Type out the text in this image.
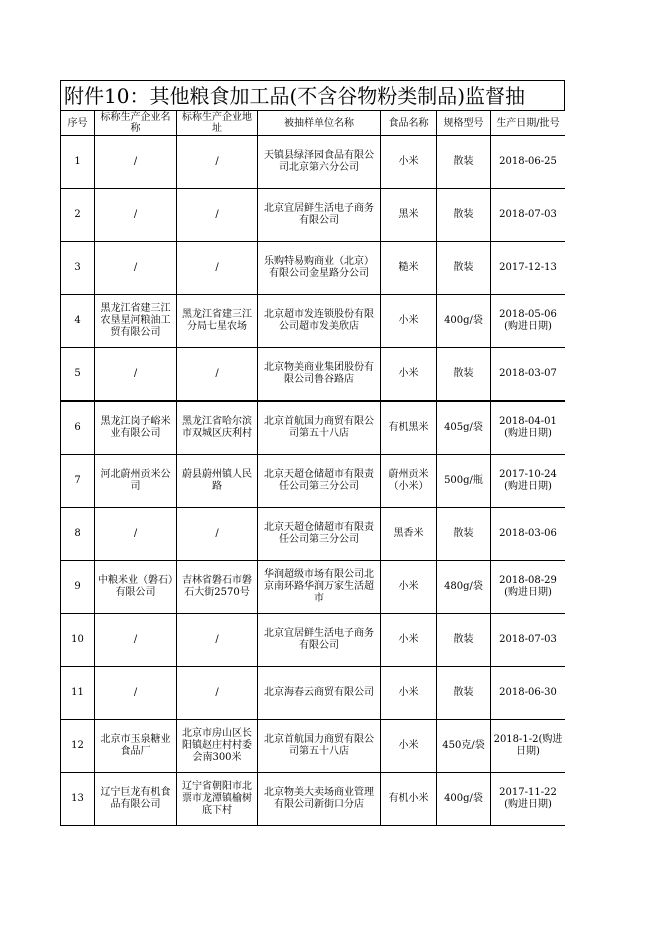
附件10：其他粮食加工品(不含谷物粉类制品)监督抽
序号	标称生产企业名称	标称生产企业地址	被抽样单位名称	食品名称	规格型号	生产日期/批号
1	/	/	天镇县绿泽园食品有限公司北京第六分公司	小米	散装	2018-06-25
2	/	/	北京宜居鲜生活电子商务有限公司	黑米	散装	2018-07-03
3	/	/	乐购特易购商业（北京）有限公司金星路分公司	糙米	散装	2017-12-13
4	黑龙江省建三江农垦星河粮油工贸有限公司	黑龙江省建三江分局七星农场	北京超市发连锁股份有限公司超市发美欣店	小米	400g/袋	2018-05-06(购进日期)
5	/	/	北京物美商业集团股份有限公司鲁谷路店	小米	散装	2018-03-07
6	黑龙江岗子峪米业有限公司	黑龙江省哈尔滨市双城区庆利村	北京首航国力商贸有限公司第五十八店	有机黑米	405g/袋	2018-04-01(购进日期)
7	河北蔚州贡米公司	蔚县蔚州镇人民路	北京天超仓储超市有限责任公司第三分公司	蔚州贡米（小米）	500g/瓶	2017-10-24(购进日期)
8	/	/	北京天超仓储超市有限责任公司第三分公司	黑香米	散装	2018-03-06
9	中粮米业（磐石）有限公司	吉林省磐石市磐石大街2570号	华润超级市场有限公司北京南环路华润万家生活超市	小米	480g/袋	2018-08-29(购进日期)
10	/	/	北京宜居鲜生活电子商务有限公司	小米	散装	2018-07-03
11	/	/	北京海春云商贸有限公司	小米	散装	2018-06-30
12	北京市玉泉糖业食品厂	北京市房山区长阳镇赵庄村村委会南300米	北京首航国力商贸有限公司第五十八店	小米	450克/袋	2018-1-2(购进日期)
13	辽宁巨龙有机食品有限公司	辽宁省朝阳市北票市龙潭镇榆树底下村	北京物美大卖场商业管理有限公司新街口分店	有机小米	400g/袋	2017-11-22(购进日期)
